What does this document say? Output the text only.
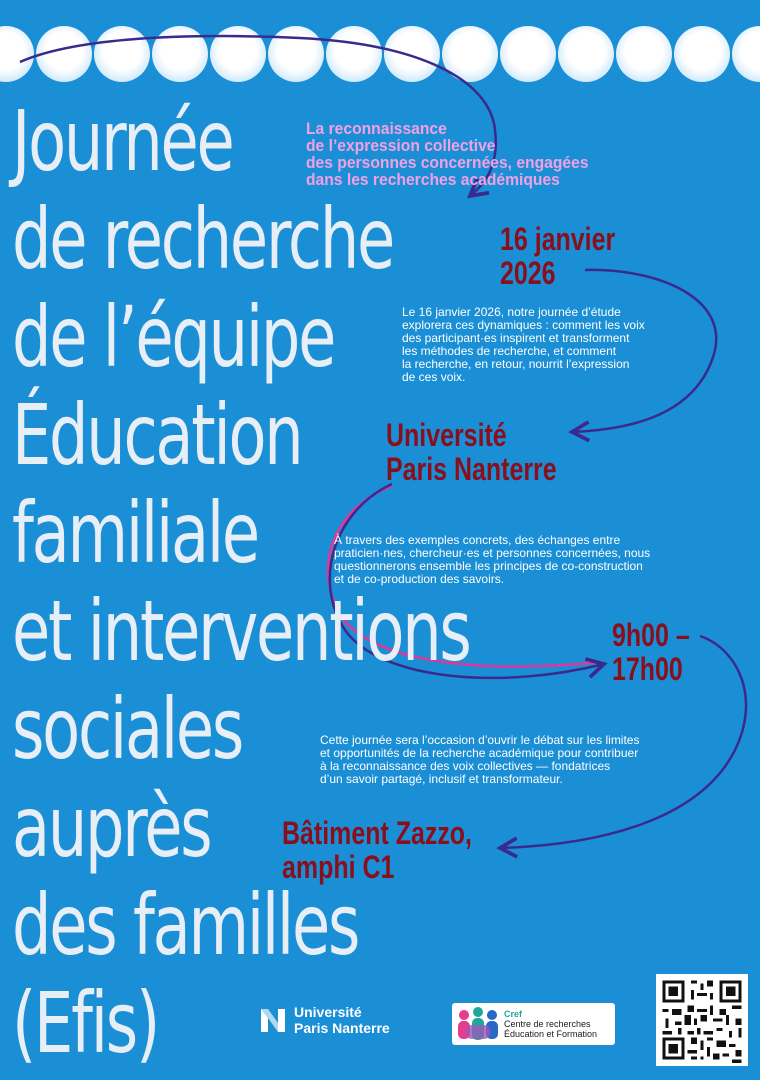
Journée
de recherche
de l’équipe
Éducation
familiale
et interventions
sociales
auprès
des familles
(Efis)
La reconnaissance
de l’expression collective
des personnes concernées, engagées
dans les recherches académiques
16 janvier
2026
Le 16 janvier 2026, notre journée d’étude
explorera ces dynamiques : comment les voix
des participant·es inspirent et transforment
les méthodes de recherche, et comment
la recherche, en retour, nourrit l’expression
de ces voix.
Université
Paris Nanterre
À travers des exemples concrets, des échanges entre
praticien·nes, chercheur·es et personnes concernées, nous
questionnerons ensemble les principes de co-construction
et de co-production des savoirs.
9h00 –
17h00
Cette journée sera l’occasion d’ouvrir le débat sur les limites
et opportunités de la recherche académique pour contribuer
à la reconnaissance des voix collectives — fondatrices
d’un savoir partagé, inclusif et transformateur.
Bâtiment Zazzo,
amphi C1
Université
Paris Nanterre
Cref
Centre de recherches
Éducation et Formation
